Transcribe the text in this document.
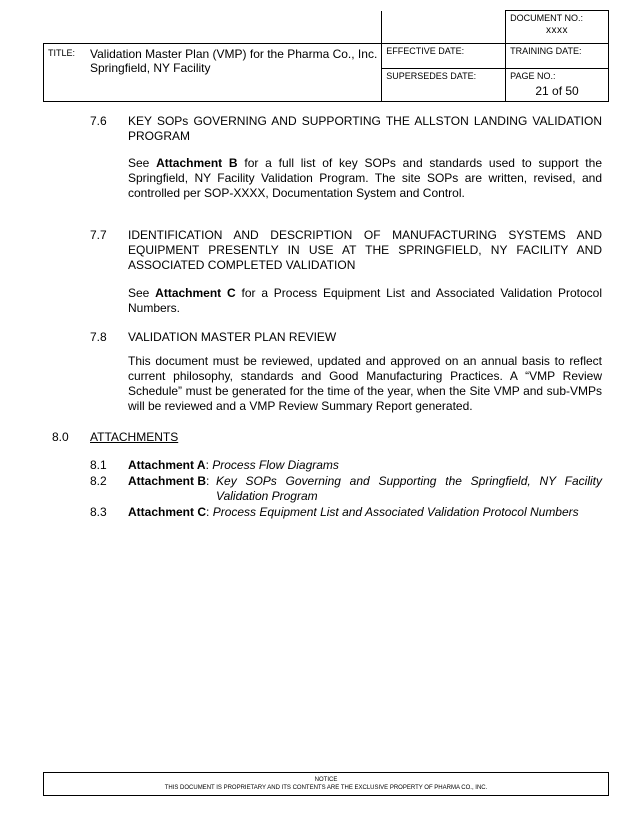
		DOCUMENT NO.:
xxxx

TITLE: Validation Master Plan (VMP) for the Pharma Co., Inc. Springfield, NY Facility	EFFECTIVE DATE:	TRAINING DATE:
	SUPERSEDES DATE:	PAGE NO.:
21 of 50
7.6 KEY SOPs GOVERNING AND SUPPORTING THE ALLSTON LANDING VALIDATION PROGRAM
See Attachment B for a full list of key SOPs and standards used to support the Springfield, NY Facility Validation Program. The site SOPs are written, revised, and controlled per SOP-XXXX, Documentation System and Control.
7.7 IDENTIFICATION AND DESCRIPTION OF MANUFACTURING SYSTEMS AND EQUIPMENT PRESENTLY IN USE AT THE SPRINGFIELD, NY FACILITY AND ASSOCIATED COMPLETED VALIDATION
See Attachment C for a Process Equipment List and Associated Validation Protocol Numbers.
7.8 VALIDATION MASTER PLAN REVIEW
This document must be reviewed, updated and approved on an annual basis to reflect current philosophy, standards and Good Manufacturing Practices. A “VMP Review Schedule” must be generated for the time of the year, when the Site VMP and sub-VMPs will be reviewed and a VMP Review Summary Report generated.
8.0 ATTACHMENTS
8.1 Attachment A: Process Flow Diagrams
8.2 Attachment B: Key SOPs Governing and Supporting the Springfield, NY Facility Validation Program
8.3 Attachment C: Process Equipment List and Associated Validation Protocol Numbers
NOTICE
THIS DOCUMENT IS PROPRIETARY AND ITS CONTENTS ARE THE EXCLUSIVE PROPERTY OF PHARMA CO., INC.
